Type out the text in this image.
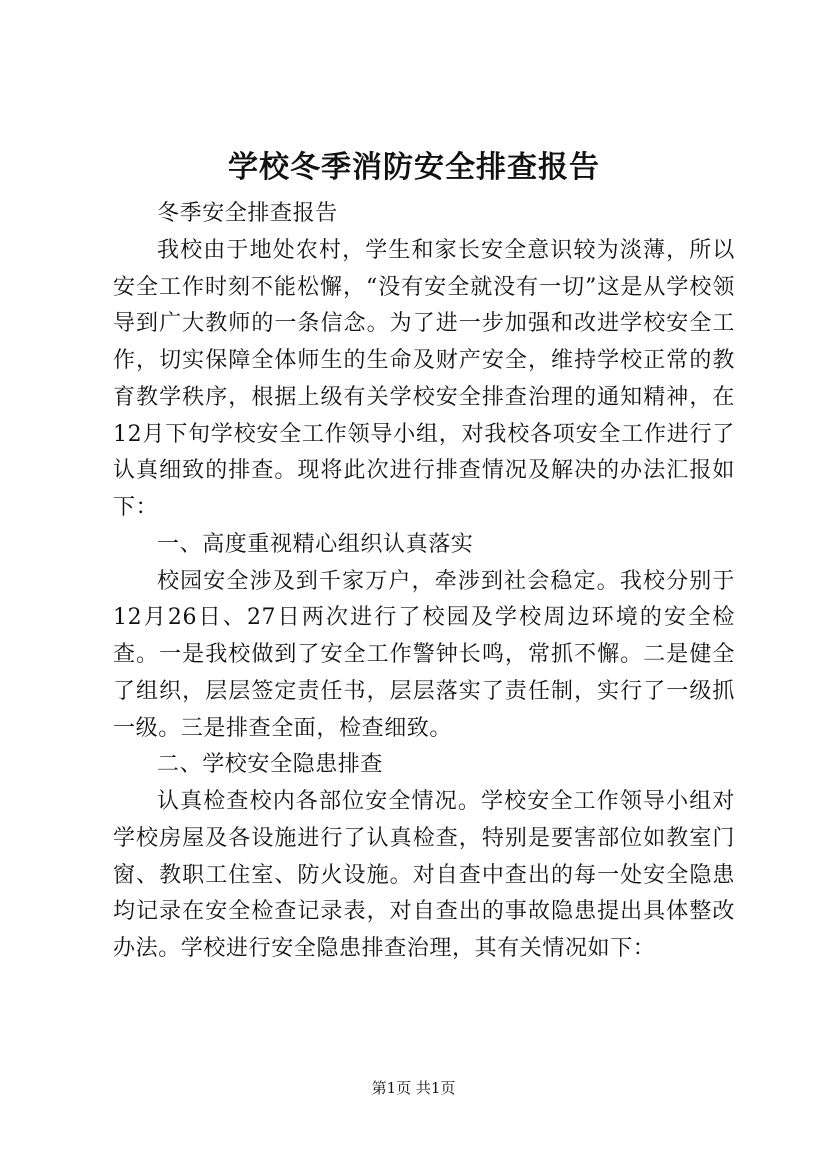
学校冬季消防安全排查报告

冬季安全排查报告

我校由于地处农村，学生和家长安全意识较为淡薄，所以安全工作时刻不能松懈，“没有安全就没有一切”这是从学校领导到广大教师的一条信念。为了进一步加强和改进学校安全工作，切实保障全体师生的生命及财产安全，维持学校正常的教育教学秩序，根据上级有关学校安全排查治理的通知精神，在12月下旬学校安全工作领导小组，对我校各项安全工作进行了认真细致的排查。现将此次进行排查情况及解决的办法汇报如下：

一、高度重视精心组织认真落实

校园安全涉及到千家万户，牵涉到社会稳定。我校分别于12月26日、27日两次进行了校园及学校周边环境的安全检查。一是我校做到了安全工作警钟长鸣，常抓不懈。二是健全了组织，层层签定责任书，层层落实了责任制，实行了一级抓一级。三是排查全面，检查细致。

二、学校安全隐患排查

认真检查校内各部位安全情况。学校安全工作领导小组对学校房屋及各设施进行了认真检查，特别是要害部位如教室门窗、教职工住室、防火设施。对自查中查出的每一处安全隐患均记录在安全检查记录表，对自查出的事故隐患提出具体整改办法。学校进行安全隐患排查治理，其有关情况如下：

第1页 共1页
